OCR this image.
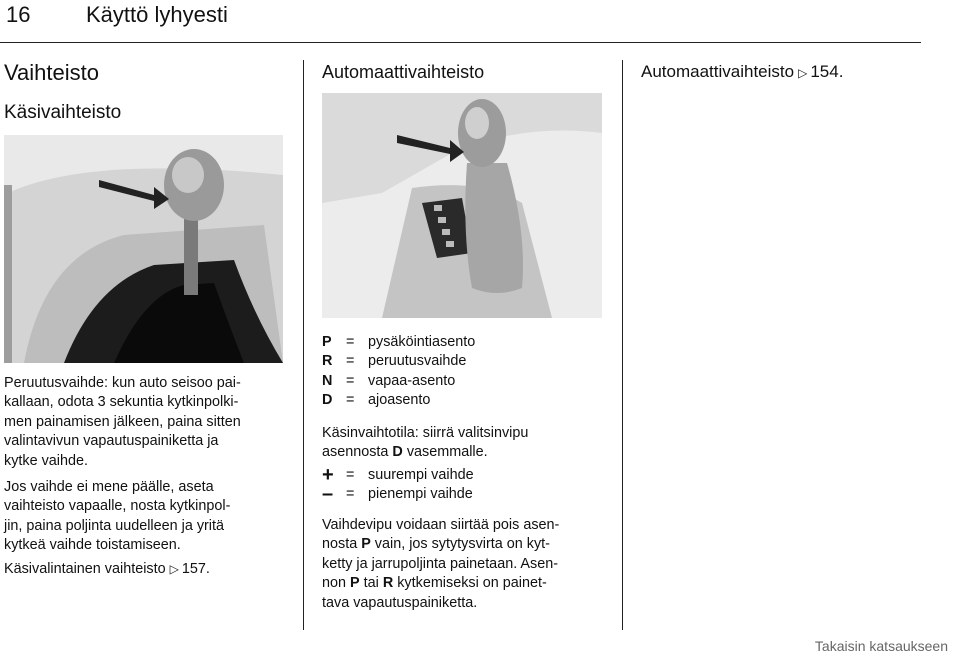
16	Käyttö lyhyesti
Vaihteisto
Käsivaihteisto
Peruutusvaihde: kun auto seisoo pai-
kallaan, odota 3 sekuntia kytkinpolki-
men painamisen jälkeen, paina sitten
valintavivun vapautuspainiketta ja
kytke vaihde.
Jos vaihde ei mene päälle, aseta
vaihteisto vapaalle, nosta kytkinpol-
jin, paina poljinta uudelleen ja yritä
kytkeä vaihde toistamiseen.
Käsivalintainen vaihteisto ▷ 157.
Automaattivaihteisto
P = pysäköintiasento
R = peruutusvaihde
N = vapaa-asento
D = ajoasento
Käsinvaihtotila: siirrä valitsinvipu
asennosta D vasemmalle.
+ = suurempi vaihde
– = pienempi vaihde
Vaihdevipu voidaan siirtää pois asen-
nosta P vain, jos sytytysvirta on kyt-
ketty ja jarrupoljinta painetaan. Asen-
non P tai R kytkemiseksi on painet-
tava vapautuspainiketta.
Automaattivaihteisto ▷ 154.
Takaisin katsaukseen
